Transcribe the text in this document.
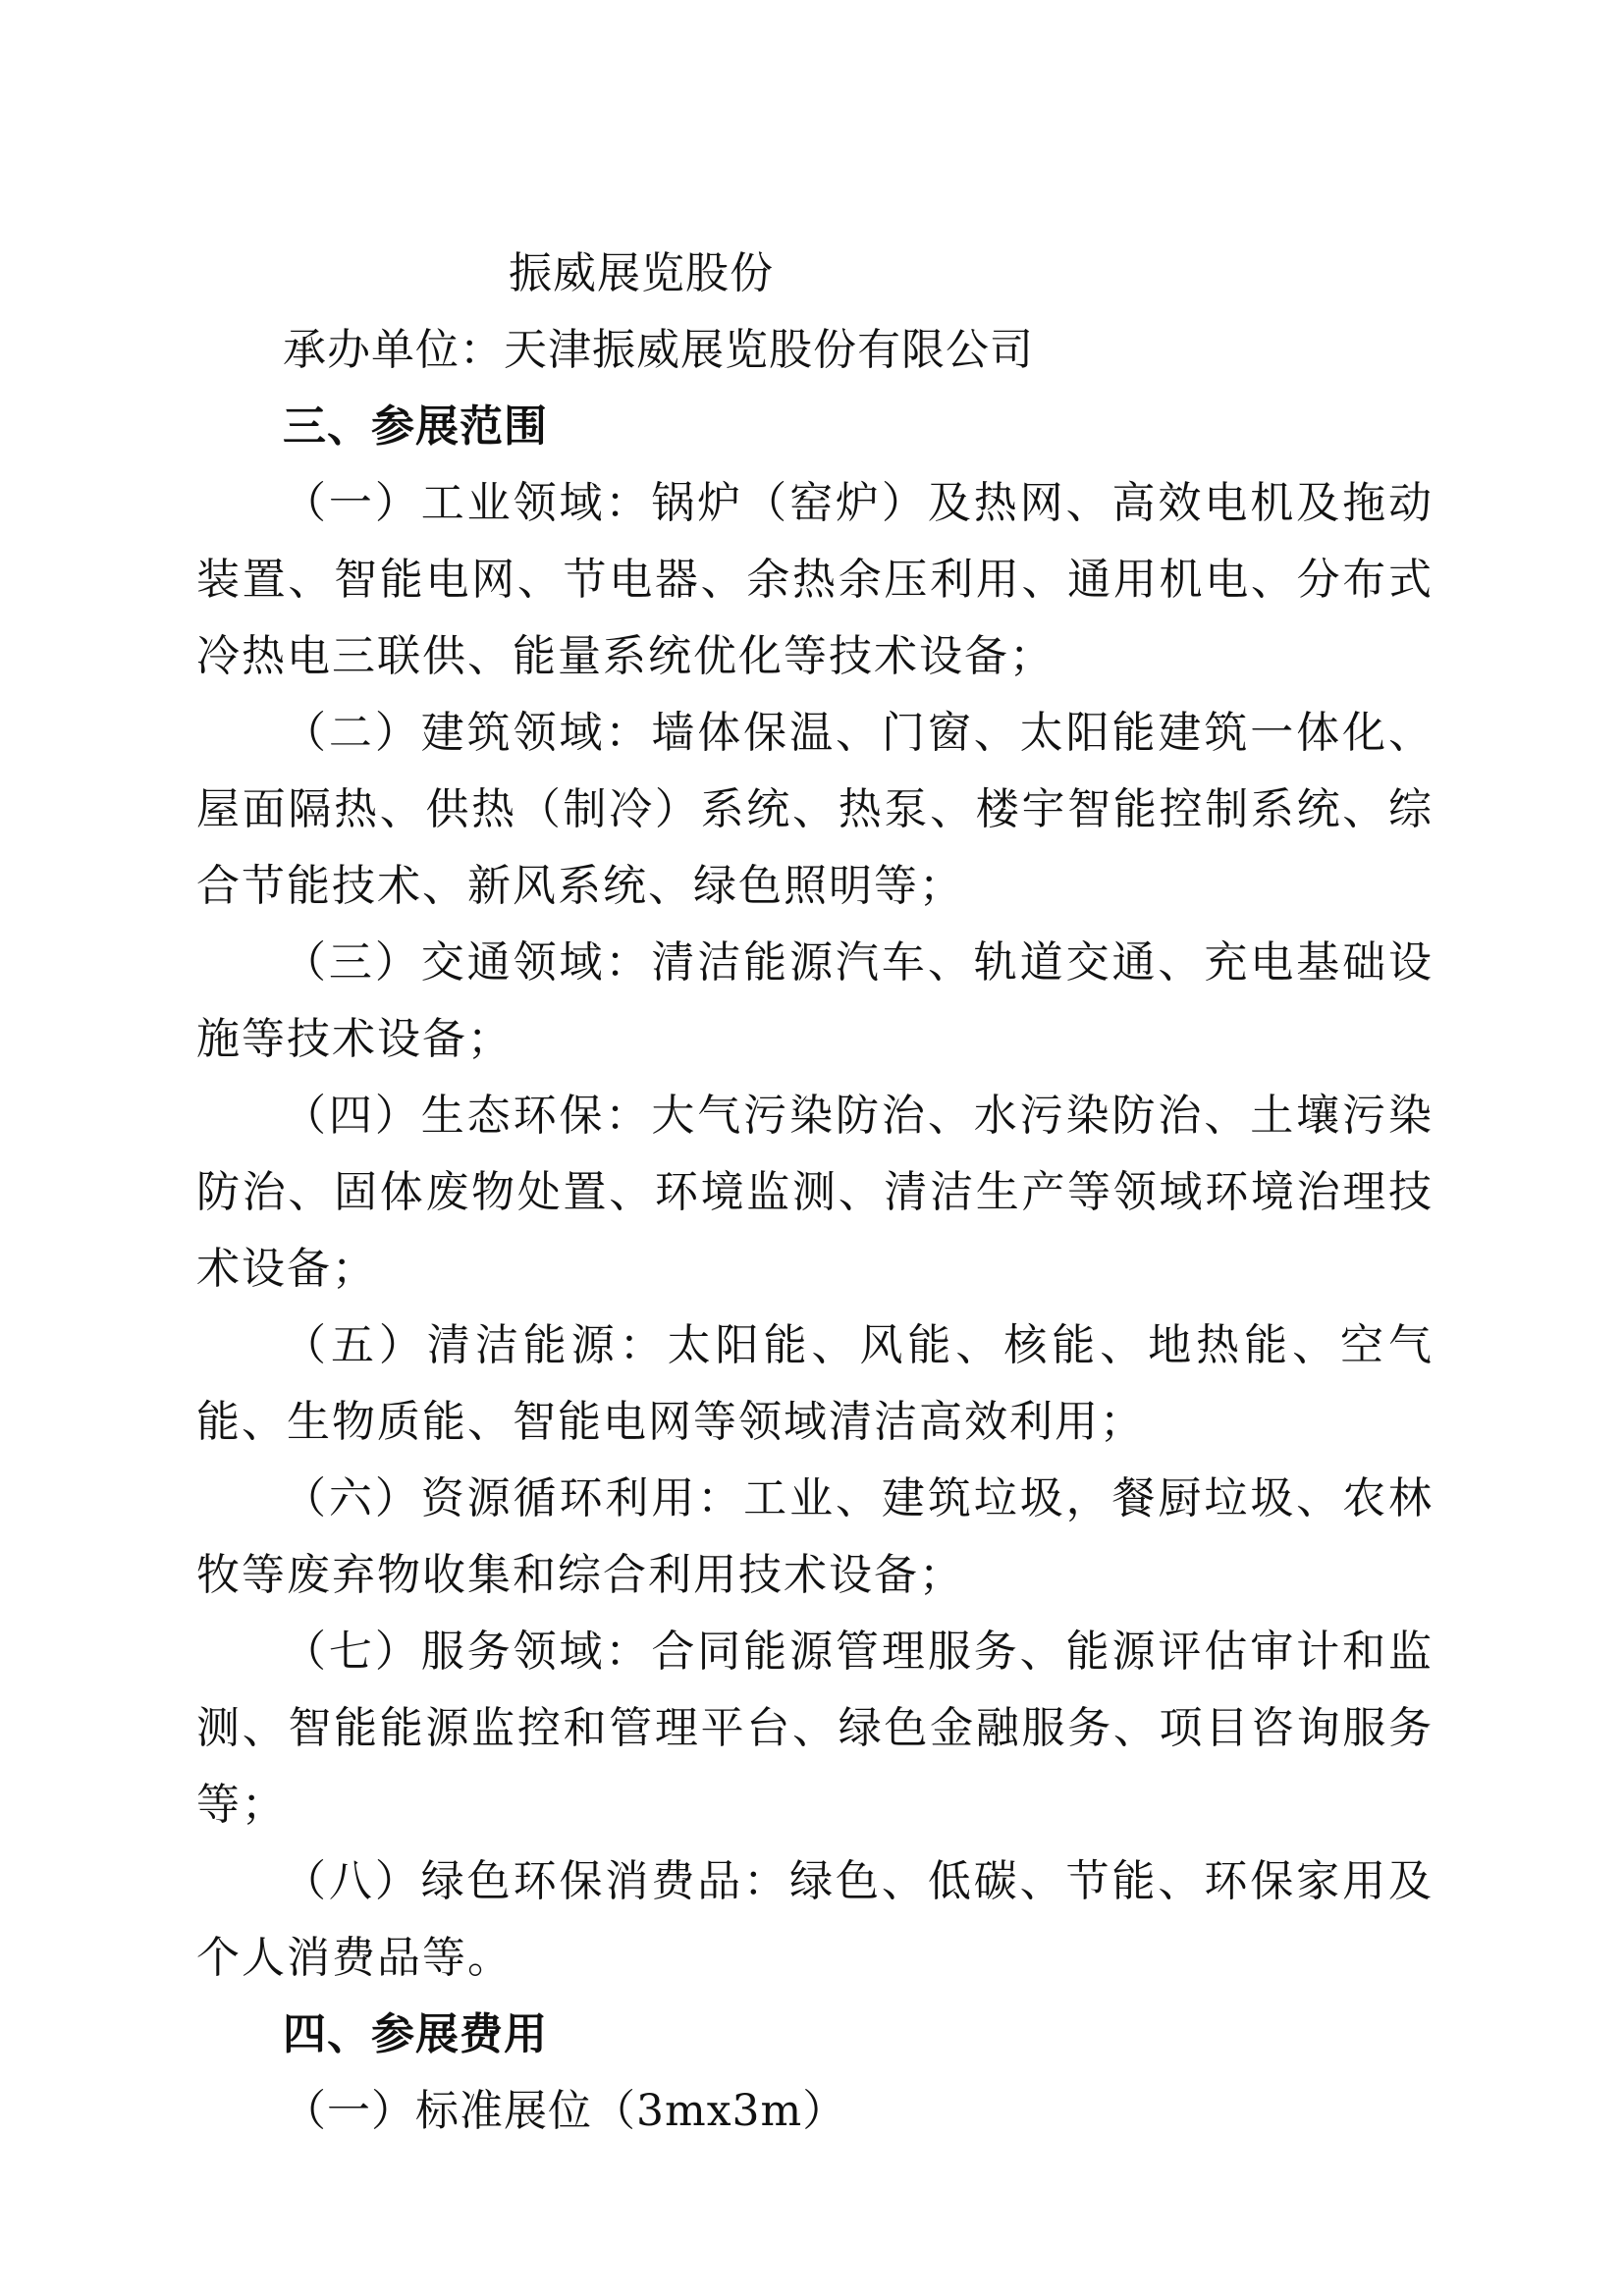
振威展览股份
承办单位：天津振威展览股份有限公司
三、参展范围
（一）工业领域：锅炉（窑炉）及热网、高效电机及拖动装置、智能电网、节电器、余热余压利用、通用机电、分布式冷热电三联供、能量系统优化等技术设备；
（二）建筑领域：墙体保温、门窗、太阳能建筑一体化、屋面隔热、供热（制冷）系统、热泵、楼宇智能控制系统、综合节能技术、新风系统、绿色照明等；
（三）交通领域：清洁能源汽车、轨道交通、充电基础设施等技术设备；
（四）生态环保：大气污染防治、水污染防治、土壤污染防治、固体废物处置、环境监测、清洁生产等领域环境治理技术设备；
（五）清洁能源：太阳能、风能、核能、地热能、空气能、生物质能、智能电网等领域清洁高效利用；
（六）资源循环利用：工业、建筑垃圾，餐厨垃圾、农林牧等废弃物收集和综合利用技术设备；
（七）服务领域：合同能源管理服务、能源评估审计和监测、智能能源监控和管理平台、绿色金融服务、项目咨询服务等；
（八）绿色环保消费品：绿色、低碳、节能、环保家用及个人消费品等。
四、参展费用
（一）标准展位（3mx3m）
